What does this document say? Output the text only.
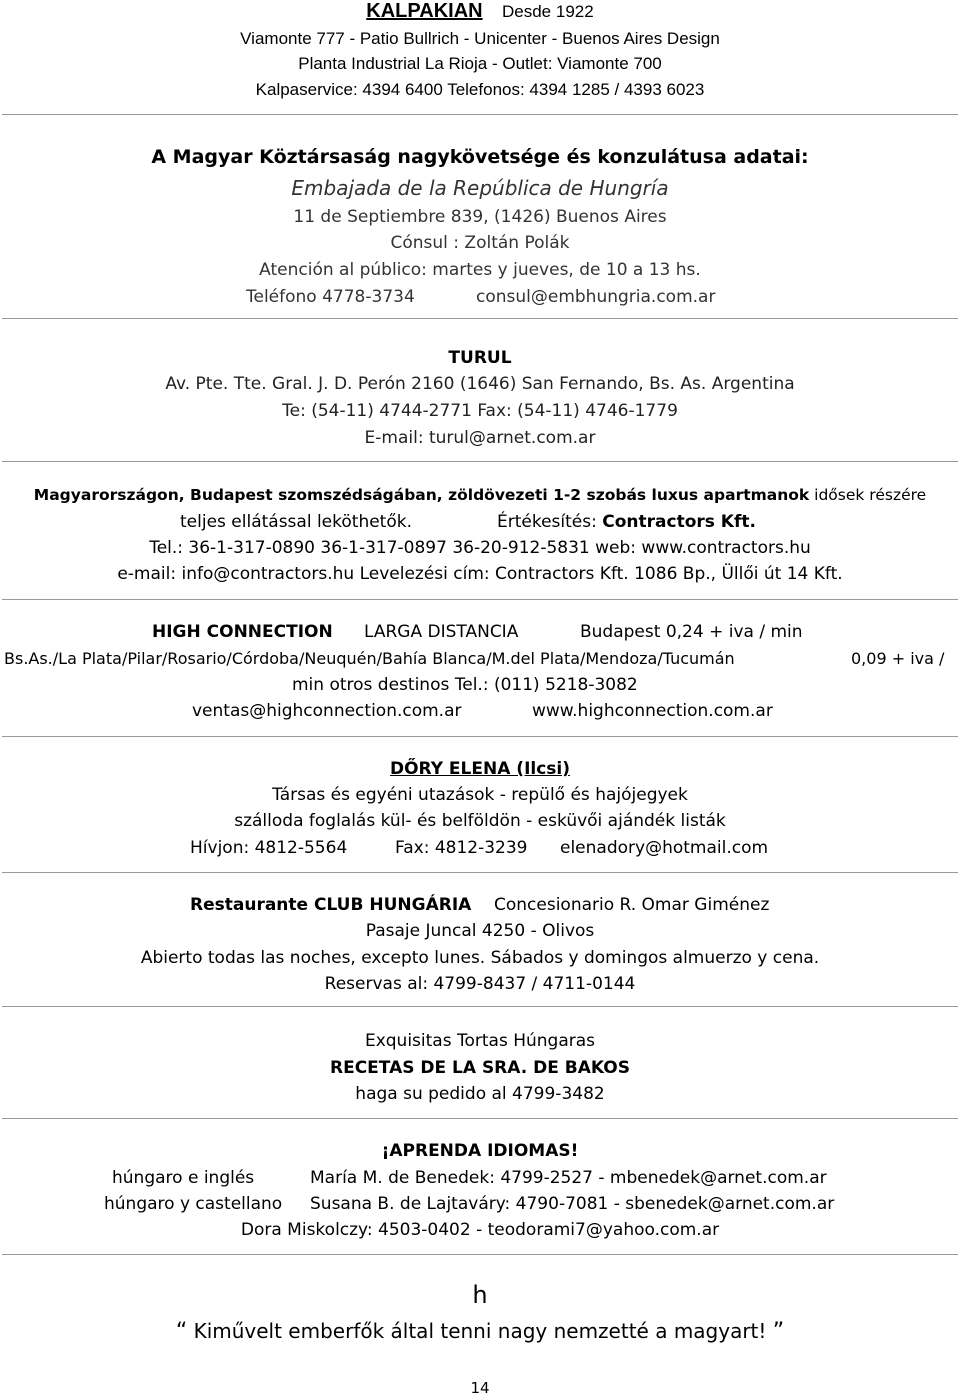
KALPAKIAN Desde 1922
Viamonte 777 - Patio Bullrich - Unicenter - Buenos Aires Design
Planta Industrial La Rioja - Outlet: Viamonte 700
Kalpaservice: 4394 6400 Telefonos: 4394 1285 / 4393 6023
A Magyar Köztársaság nagykövetsége és konzulátusa adatai:
Embajada de la República de Hungría
11 de Septiembre 839, (1426) Buenos Aires
Cónsul : Zoltán Polák
Atención al público: martes y jueves, de 10 a 13 hs.
Teléfono 4778-3734	consul@embhungria.com.ar
TURUL
Av. Pte. Tte. Gral. J. D. Perón 2160 (1646) San Fernando, Bs. As. Argentina
Te: (54-11) 4744-2771 Fax: (54-11) 4746-1779
E-mail: turul@arnet.com.ar
Magyarországon, Budapest szomszédságában, zöldövezeti 1-2 szobás luxus apartmanok idősek részére
teljes ellátással leköthetők.	Értékesítés: Contractors Kft.
Tel.: 36-1-317-0890 36-1-317-0897 36-20-912-5831 web: www.contractors.hu
e-mail: info@contractors.hu Levelezési cím: Contractors Kft. 1086 Bp., Üllői út 14 Kft.
HIGH CONNECTION LARGA DISTANCIA	Budapest 0,24 + iva / min
Bs.As./La Plata/Pilar/Rosario/Córdoba/Neuquén/Bahía Blanca/M.del Plata/Mendoza/Tucumán	0,09 + iva /
min otros destinos Tel.: (011) 5218-3082
ventas@highconnection.com.ar	www.highconnection.com.ar
DŐRY ELENA (Ilcsi)
Társas és egyéni utazások - repülő és hajójegyek
szálloda foglalás kül- és belföldön - esküvői ajándék listák
Hívjon: 4812-5564	Fax: 4812-3239 elenadory@hotmail.com
Restaurante CLUB HUNGÁRIA Concesionario R. Omar Giménez
Pasaje Juncal 4250 - Olivos
Abierto todas las noches, excepto lunes. Sábados y domingos almuerzo y cena.
Reservas al: 4799-8437 / 4711-0144
Exquisitas Tortas Húngaras
RECETAS DE LA SRA. DE BAKOS
haga su pedido al 4799-3482
¡APRENDA IDIOMAS!
húngaro e inglés	María M. de Benedek: 4799-2527 - mbenedek@arnet.com.ar
húngaro y castellano Susana B. de Lajtaváry: 4790-7081 - sbenedek@arnet.com.ar
Dora Miskolczy: 4503-0402 - teodorami7@yahoo.com.ar
h
“ Kiművelt emberfők által tenni nagy nemzetté a magyart! ”
14
